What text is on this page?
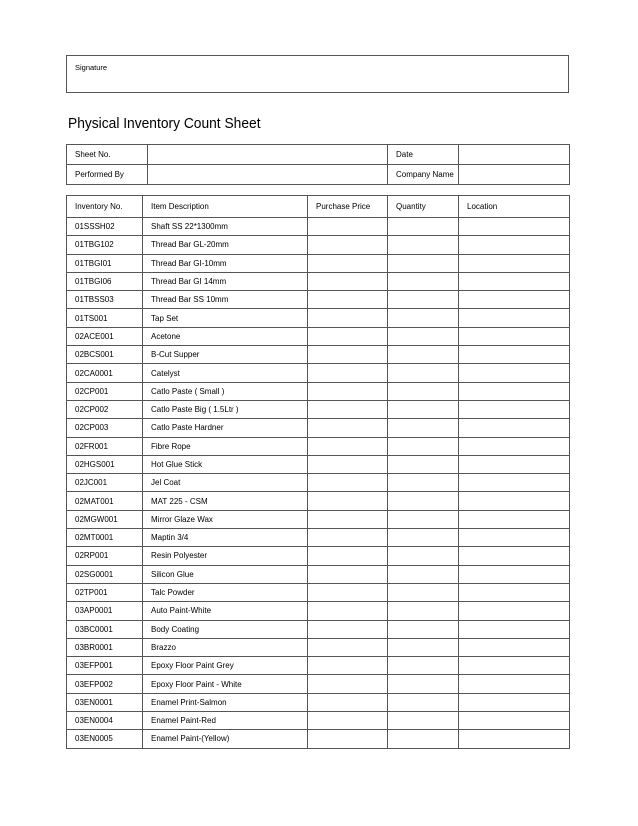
Signature
Physical Inventory Count Sheet
Sheet No.		Date	
Performed By		Company Name	
Inventory No.	Item Description	Purchase Price	Quantity	Location
01SSSH02	Shaft SS 22*1300mm			
01TBG102	Thread Bar GL-20mm			
01TBGI01	Thread Bar GI-10mm			
01TBGI06	Thread Bar GI 14mm			
01TBSS03	Thread Bar SS 10mm			
01TS001	Tap Set			
02ACE001	Acetone			
02BCS001	B-Cut Supper			
02CA0001	Catelyst			
02CP001	Catlo Paste ( Small )			
02CP002	Catlo Paste Big ( 1.5Ltr )			
02CP003	Catlo Paste Hardner			
02FR001	Fibre Rope			
02HGS001	Hot Glue Stick			
02JC001	Jel Coat			
02MAT001	MAT 225 - CSM			
02MGW001	Mirror Glaze Wax			
02MT0001	Maptin 3/4			
02RP001	Resin Polyester			
02SG0001	Silicon Glue			
02TP001	Talc Powder			
03AP0001	Auto Paint-White			
03BC0001	Body Coating			
03BR0001	Brazzo			
03EFP001	Epoxy Floor Paint Grey			
03EFP002	Epoxy Floor Paint - White			
03EN0001	Enamel Print-Salmon			
03EN0004	Enamel Paint-Red			
03EN0005	Enamel Paint-(Yellow)			
